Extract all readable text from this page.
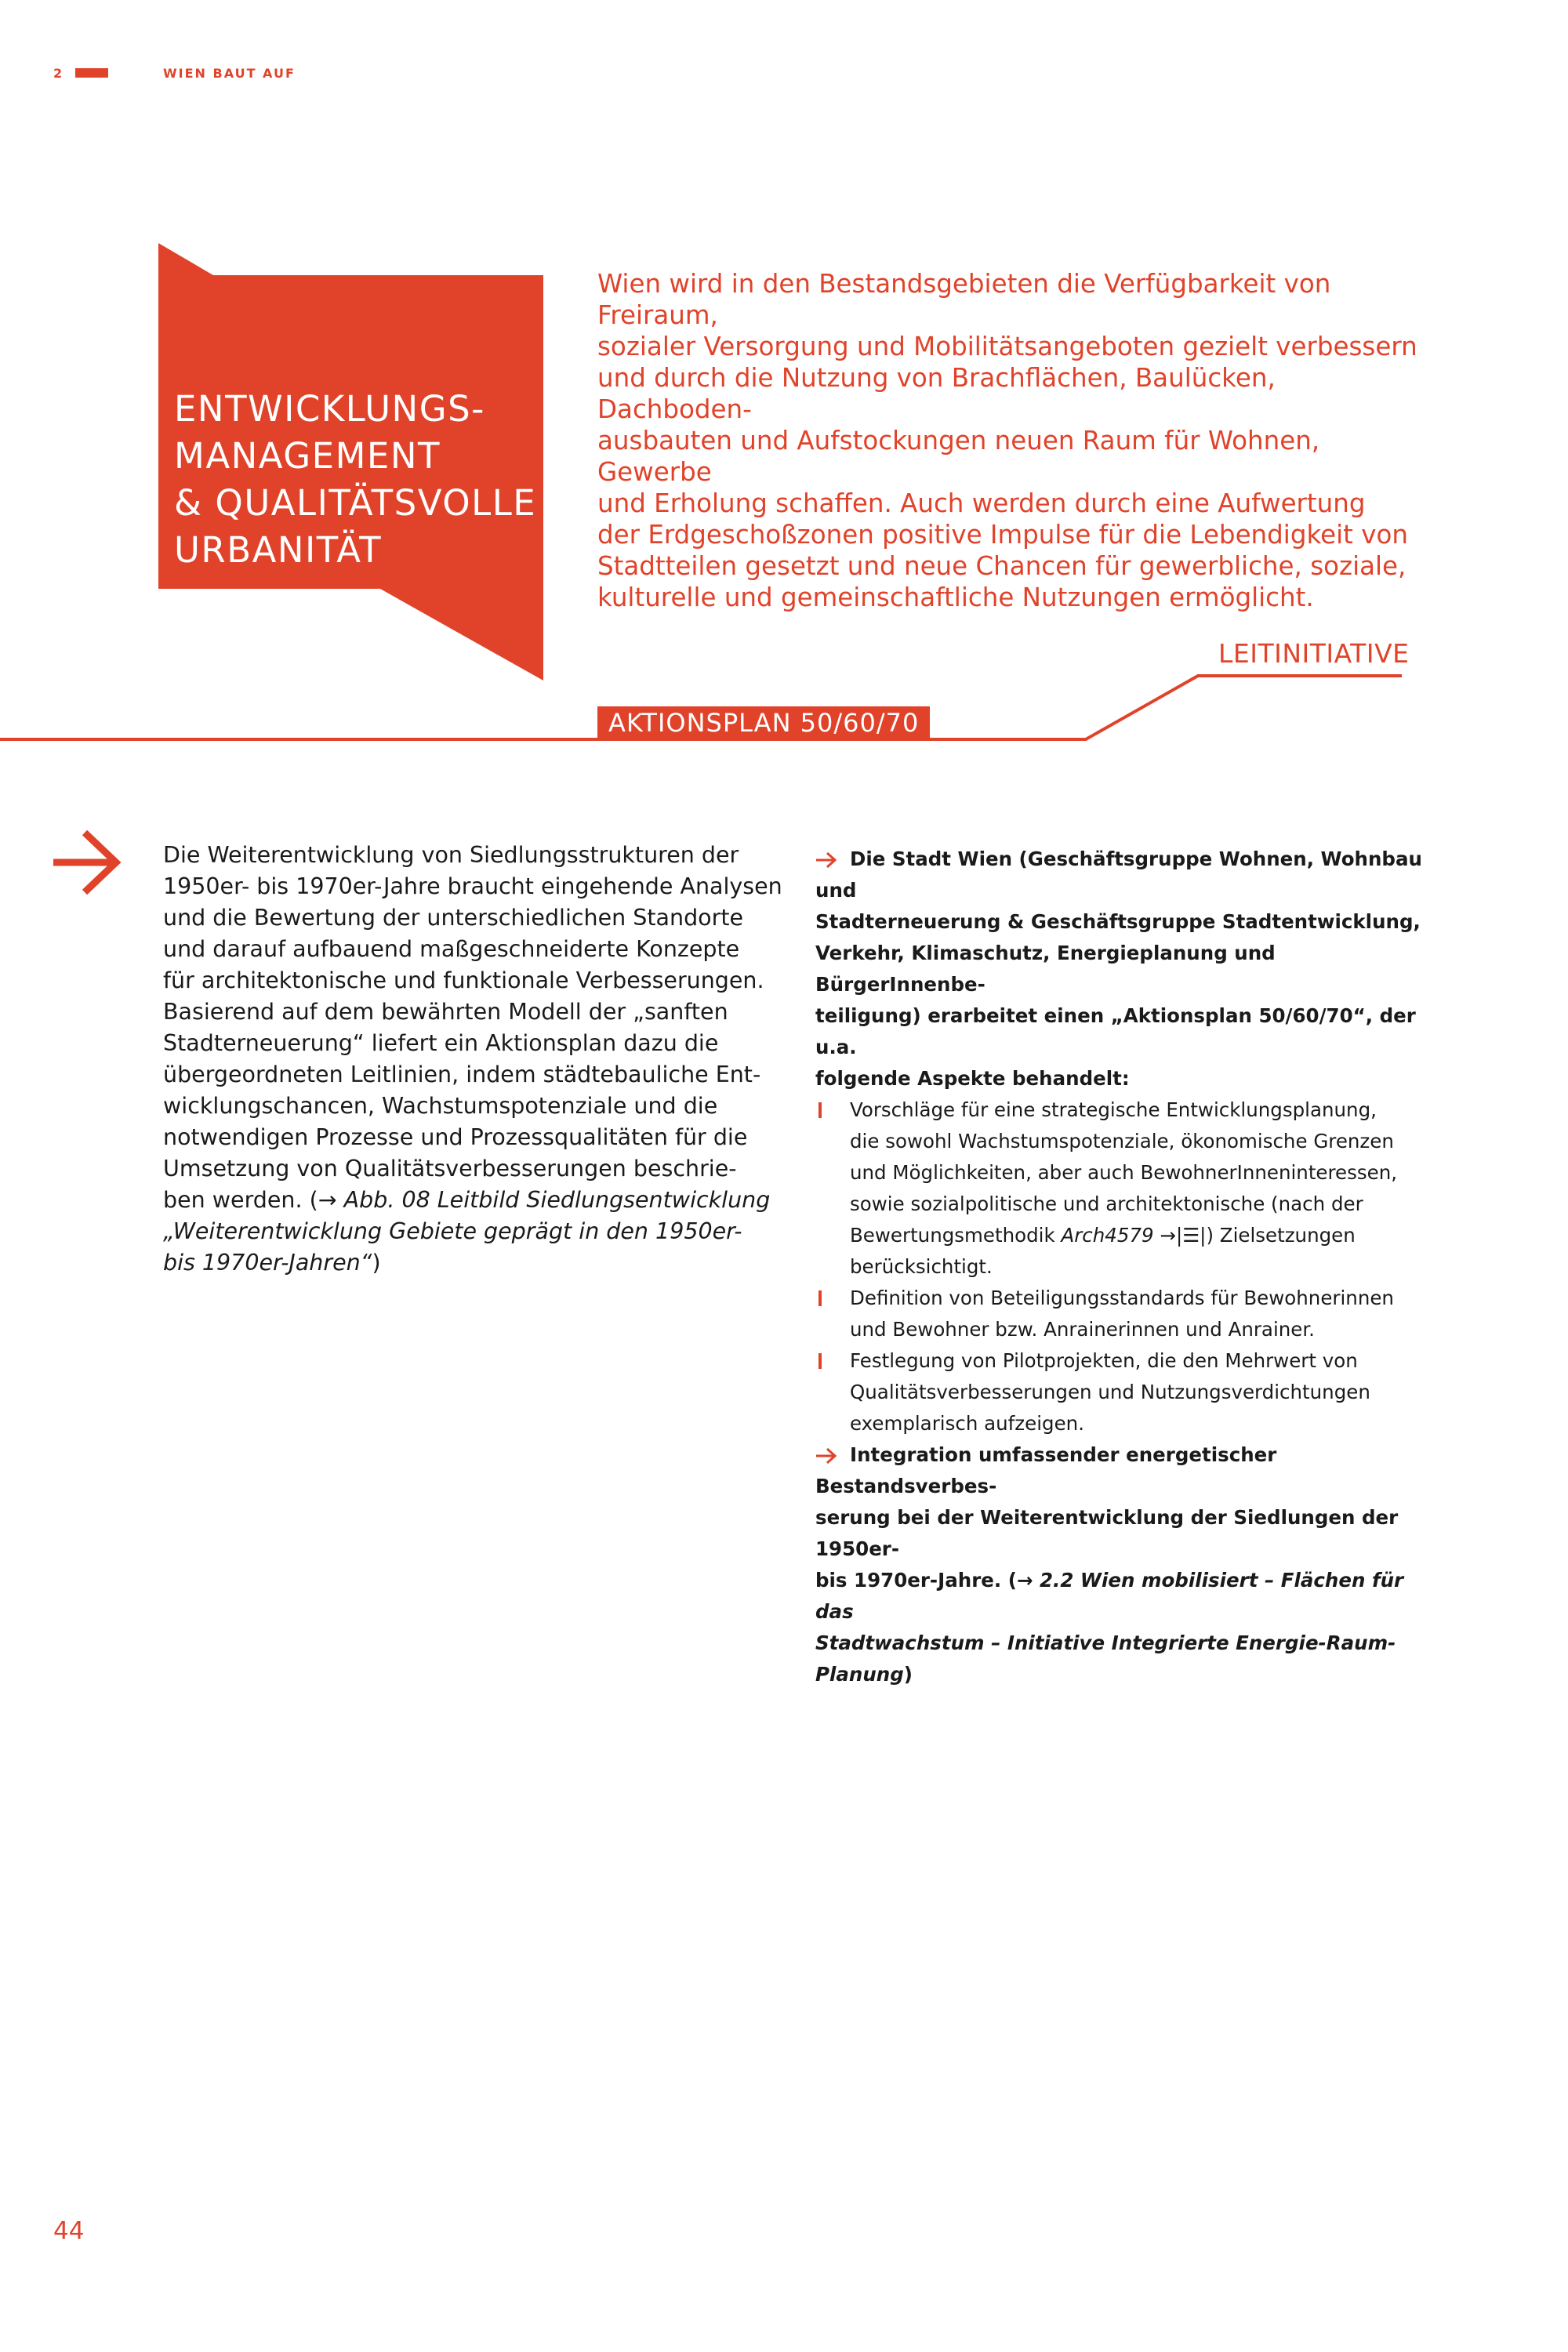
2	WIEN BAUT AUF
ENTWICKLUNGS-
MANAGEMENT
& QUALITÄTSVOLLE
URBANITÄT
Wien wird in den Bestandsgebieten die Verfügbarkeit von Freiraum,
sozialer Versorgung und Mobilitätsangeboten gezielt verbessern
und durch die Nutzung von Brachflächen, Baulücken, Dachboden-
ausbauten und Aufstockungen neuen Raum für Wohnen, Gewerbe
und Erholung schaffen. Auch werden durch eine Aufwertung
der Erdgeschoßzonen positive Impulse für die Lebendigkeit von
Stadtteilen gesetzt und neue Chancen für gewerbliche, soziale,
kulturelle und gemeinschaftliche Nutzungen ermöglicht.
LEITINITIATIVE
AKTIONSPLAN 50/60/70
Die Weiterentwicklung von Siedlungsstrukturen der
1950er- bis 1970er-Jahre braucht eingehende Analysen
und die Bewertung der unterschiedlichen Standorte
und darauf aufbauend maßgeschneiderte Konzepte
für architektonische und funktionale Verbesserungen.
Basierend auf dem bewährten Modell der „sanften
Stadterneuerung“ liefert ein Aktionsplan dazu die
übergeordneten Leitlinien, indem städtebauliche Ent-
wicklungschancen, Wachstumspotenziale und die
notwendigen Prozesse und Prozessqualitäten für die
Umsetzung von Qualitätsverbesserungen beschrie-
ben werden. (→ Abb. 08 Leitbild Siedlungsentwicklung
„Weiterentwicklung Gebiete geprägt in den 1950er-
bis 1970er-Jahren“)
Die Stadt Wien (Geschäftsgruppe Wohnen, Wohnbau und
Stadterneuerung & Geschäftsgruppe Stadtentwicklung,
Verkehr, Klimaschutz, Energieplanung und BürgerInnenbe-
teiligung) erarbeitet einen „Aktionsplan 50/60/70“, der u.a.
folgende Aspekte behandelt:
Vorschläge für eine strategische Entwicklungsplanung,
die sowohl Wachstumspotenziale, ökonomische Grenzen
und Möglichkeiten, aber auch BewohnerInneninteressen,
sowie sozialpolitische und architektonische (nach der
Bewertungsmethodik Arch4579 →|☰|) Zielsetzungen
berücksichtigt.
Definition von Beteiligungsstandards für Bewohnerinnen
und Bewohner bzw. Anrainerinnen und Anrainer.
Festlegung von Pilotprojekten, die den Mehrwert von
Qualitätsverbesserungen und Nutzungsverdichtungen
exemplarisch aufzeigen.
Integration umfassender energetischer Bestandsverbes-
serung bei der Weiterentwicklung der Siedlungen der 1950er-
bis 1970er-Jahre. (→ 2.2 Wien mobilisiert – Flächen für das
Stadtwachstum – Initiative Integrierte Energie-Raum-Planung)
44
